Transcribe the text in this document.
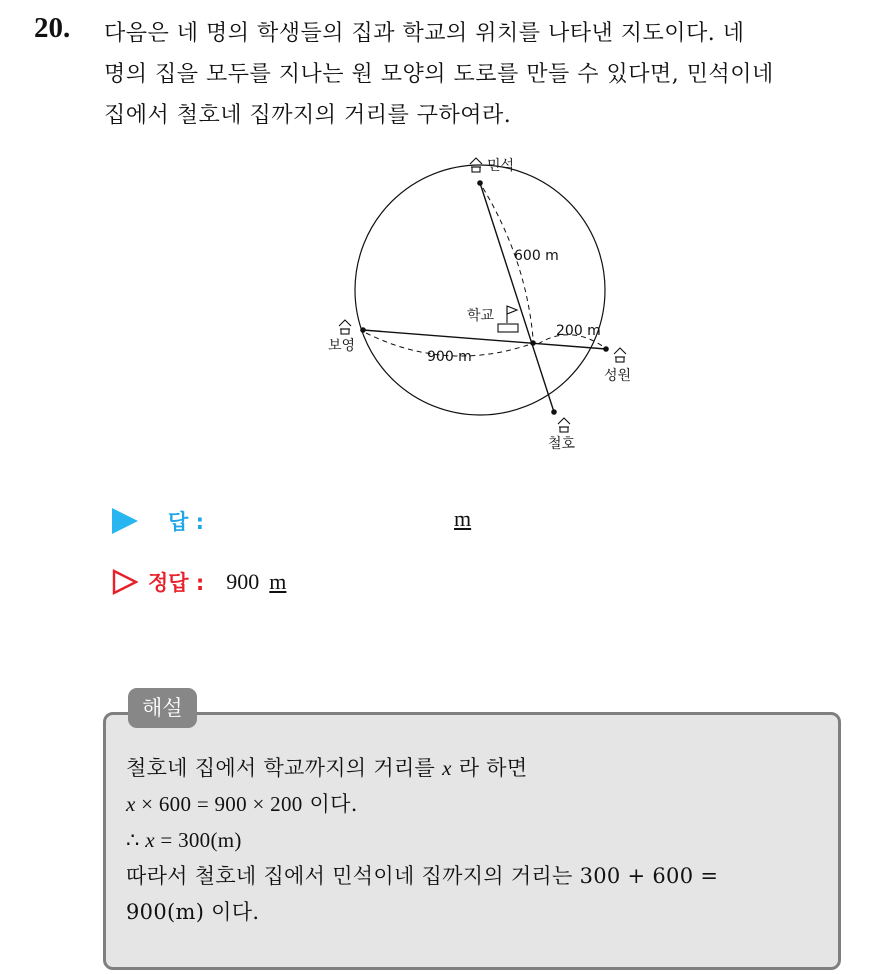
20. 다음은 네 명의 학생들의 집과 학교의 위치를 나타낸 지도이다. 네
명의 집을 모두를 지나는 원 모양의 도로를 만들 수 있다면, 민석이네
집에서 철호네 집까지의 거리를 구하여라.
민석
보영
성원
철호
학교
600 m
200 m
900 m
답 :	m
정답 : 900 m
해설
철호네 집에서 학교까지의 거리를 x 라 하면
x × 600 = 900 × 200 이다.
∴ x = 300(m)
따라서 철호네 집에서 민석이네 집까지의 거리는 300 + 600 =
900(m) 이다.
